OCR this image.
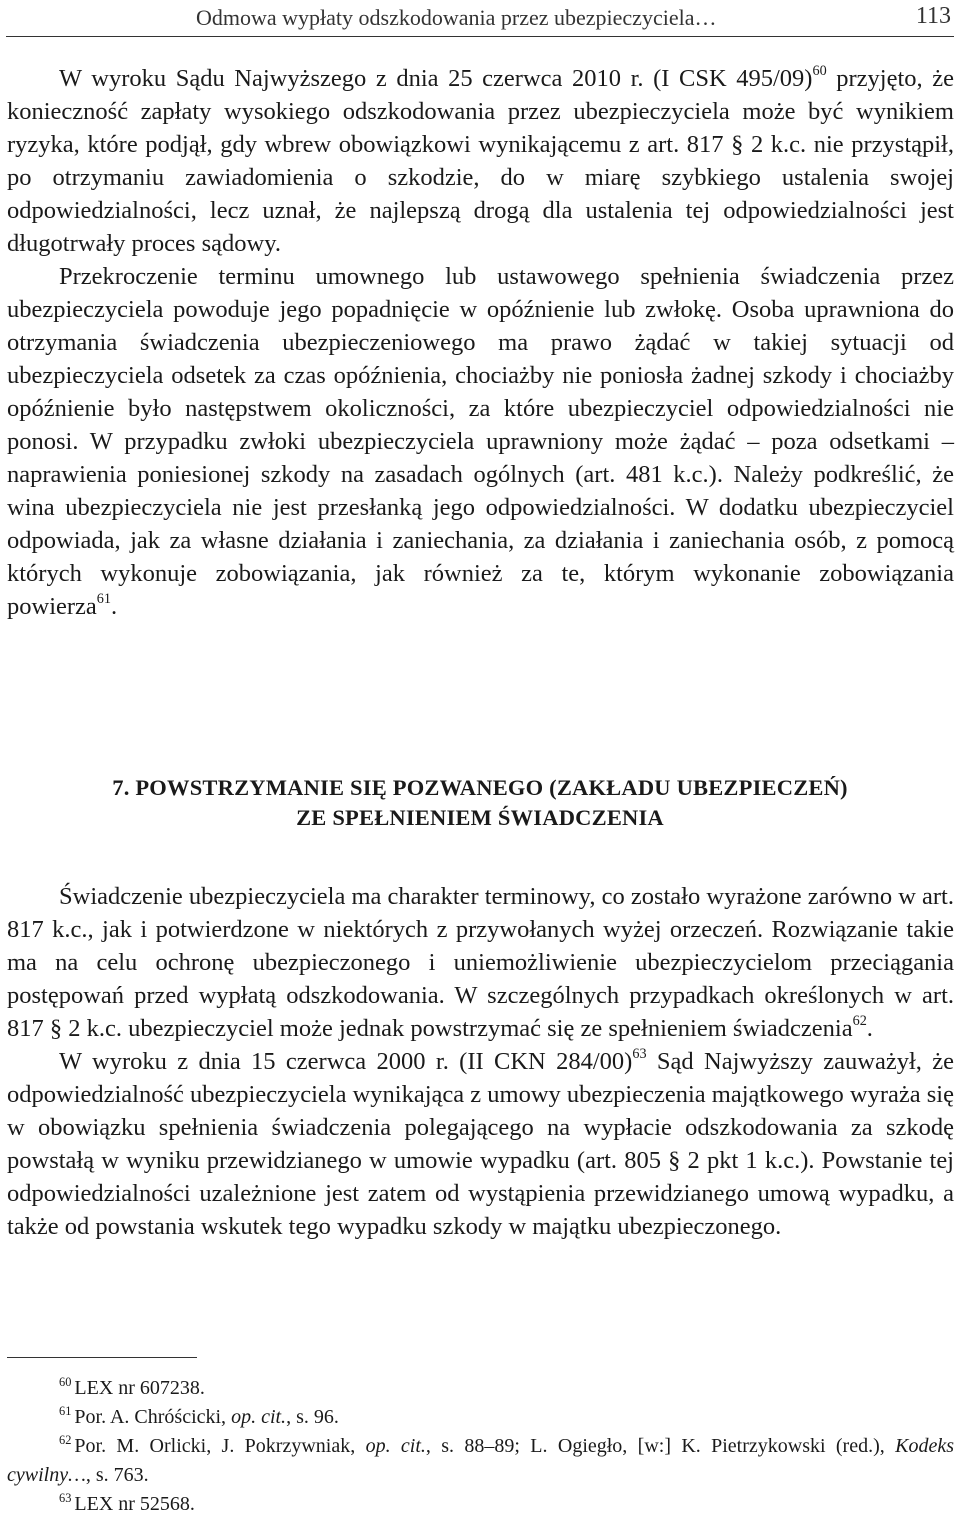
Odmowa wypłaty odszkodowania przez ubezpieczyciela…	113

W wyroku Sądu Najwyższego z dnia 25 czerwca 2010 r. (I CSK 495/09)$^{60}$ przyjęto, że konieczność zapłaty wysokiego odszkodowania przez ubezpieczyciela może być wynikiem ryzyka, które podjął, gdy wbrew obowiązkowi wynikającemu z art. 817 § 2 k.c. nie przystąpił, po otrzymaniu zawiadomienia o szkodzie, do w miarę szybkiego ustalenia swojej odpowiedzialności, lecz uznał, że najlepszą drogą dla ustalenia tej odpowiedzialności jest długotrwały proces sądowy.

Przekroczenie terminu umownego lub ustawowego spełnienia świadczenia przez ubezpieczyciela powoduje jego popadnięcie w opóźnienie lub zwłokę. Osoba uprawniona do otrzymania świadczenia ubezpieczeniowego ma prawo żądać w takiej sytuacji od ubezpieczyciela odsetek za czas opóźnienia, chociażby nie poniosła żadnej szkody i chociażby opóźnienie było następstwem okoliczności, za które ubezpieczyciel odpowiedzialności nie ponosi. W przypadku zwłoki ubezpieczyciela uprawniony może żądać – poza odsetkami – naprawienia poniesionej szkody na zasadach ogólnych (art. 481 k.c.). Należy podkreślić, że wina ubezpieczyciela nie jest przesłanką jego odpowiedzialności. W dodatku ubezpieczyciel odpowiada, jak za własne działania i zaniechania, za działania i zaniechania osób, z pomocą których wykonuje zobowiązania, jak również za te, którym wykonanie zobowiązania powierza$^{61}$.

7. POWSTRZYMANIE SIĘ POZWANEGO (ZAKŁADU UBEZPIECZEŃ)
ZE SPEŁNIENIEM ŚWIADCZENIA

Świadczenie ubezpieczyciela ma charakter terminowy, co zostało wyrażone zarówno w art. 817 k.c., jak i potwierdzone w niektórych z przywołanych wyżej orzeczeń. Rozwiązanie takie ma na celu ochronę ubezpieczonego i uniemożliwienie ubezpieczycielom przeciągania postępowań przed wypłatą odszkodowania. W szczególnych przypadkach określonych w art. 817 § 2 k.c. ubezpieczyciel może jednak powstrzymać się ze spełnieniem świadczenia$^{62}$.

W wyroku z dnia 15 czerwca 2000 r. (II CKN 284/00)$^{63}$ Sąd Najwyższy zauważył, że odpowiedzialność ubezpieczyciela wynikająca z umowy ubezpieczenia majątkowego wyraża się w obowiązku spełnienia świadczenia polegającego na wypłacie odszkodowania za szkodę powstałą w wyniku przewidzianego w umowie wypadku (art. 805 § 2 pkt 1 k.c.). Powstanie tej odpowiedzialności uzależnione jest zatem od wystąpienia przewidzianego umową wypadku, a także od powstania wskutek tego wypadku szkody w majątku ubezpieczonego.

$^{60}$ LEX nr 607238.

$^{61}$ Por. A. Chróścicki, op. cit., s. 96.

$^{62}$ Por. M. Orlicki, J. Pokrzywniak, op. cit., s. 88–89; L. Ogiegło, [w:] K. Pietrzykowski (red.), Kodeks cywilny…, s. 763.

$^{63}$ LEX nr 52568.
